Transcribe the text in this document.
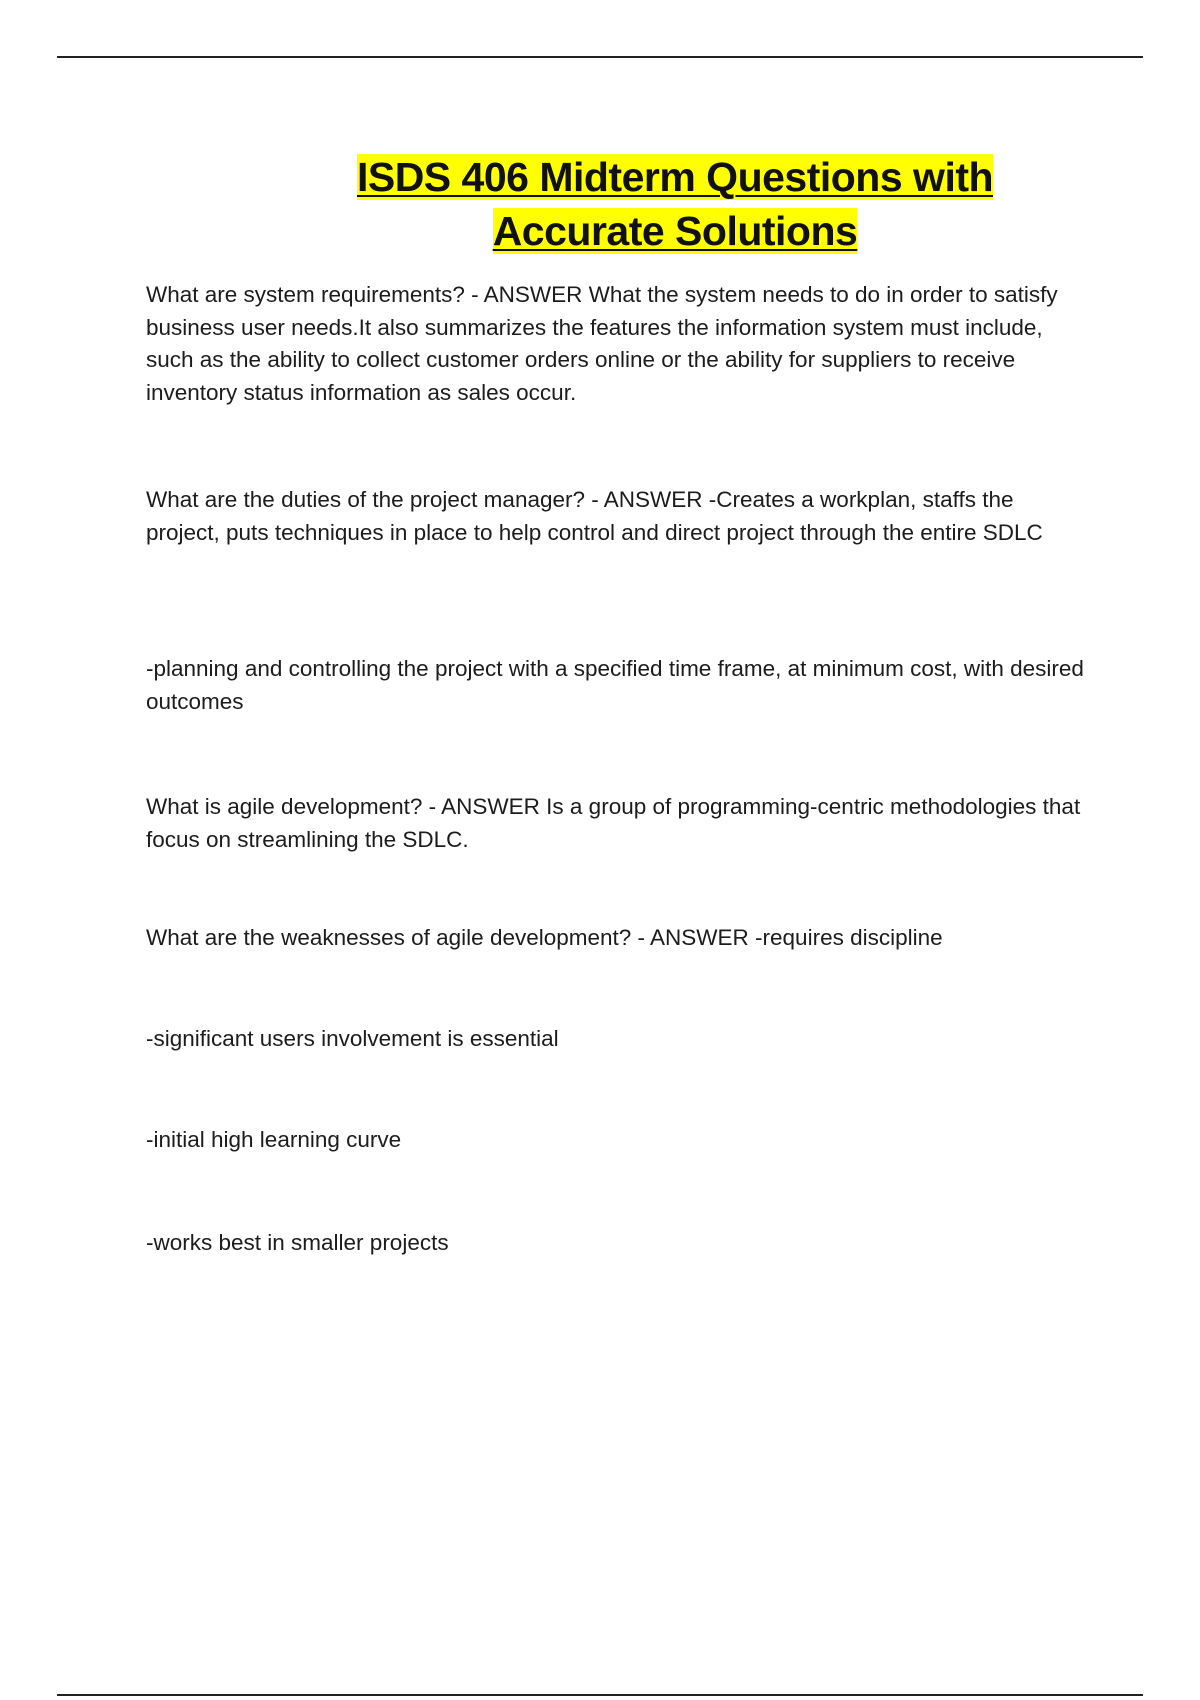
ISDS 406 Midterm Questions with
Accurate Solutions

What are system requirements? - ANSWER What the system needs to do in order to satisfy business user needs.It also summarizes the features the information system must include, such as the ability to collect customer orders online or the ability for suppliers to receive inventory status information as sales occur.

What are the duties of the project manager? - ANSWER -Creates a workplan, staffs the project, puts techniques in place to help control and direct project through the entire SDLC

-planning and controlling the project with a specified time frame, at minimum cost, with desired outcomes

What is agile development? - ANSWER Is a group of programming-centric methodologies that focus on streamlining the SDLC.

What are the weaknesses of agile development? - ANSWER -requires discipline

-significant users involvement is essential

-initial high learning curve

-works best in smaller projects
